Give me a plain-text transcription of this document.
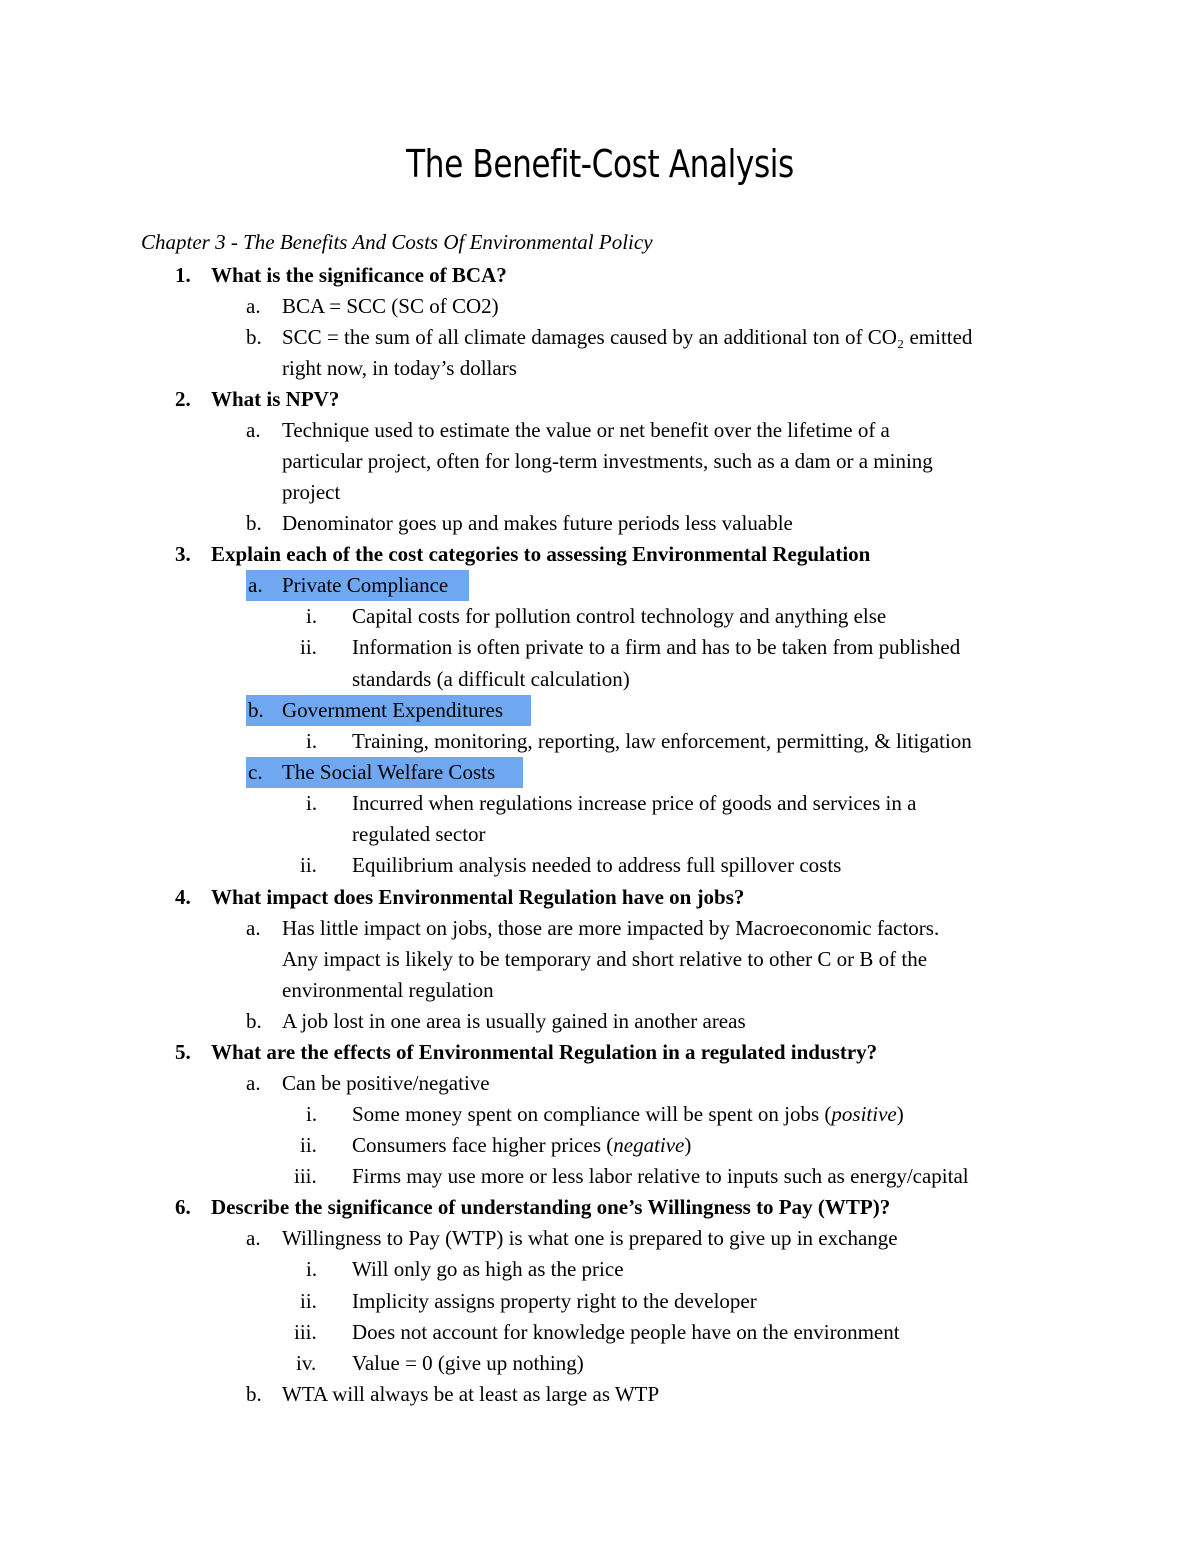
The Benefit-Cost Analysis
Chapter 3 - The Benefits And Costs Of Environmental Policy
1. What is the significance of BCA?
a. BCA = SCC (SC of CO2)
b. SCC = the sum of all climate damages caused by an additional ton of CO₂ emitted
right now, in today’s dollars
2. What is NPV?
a. Technique used to estimate the value or net benefit over the lifetime of a
particular project, often for long-term investments, such as a dam or a mining
project
b. Denominator goes up and makes future periods less valuable
3. Explain each of the cost categories to assessing Environmental Regulation
a. Private Compliance
i. Capital costs for pollution control technology and anything else
ii. Information is often private to a firm and has to be taken from published
standards (a difficult calculation)
b. Government Expenditures
i. Training, monitoring, reporting, law enforcement, permitting, & litigation
c. The Social Welfare Costs
i. Incurred when regulations increase price of goods and services in a
regulated sector
ii. Equilibrium analysis needed to address full spillover costs
4. What impact does Environmental Regulation have on jobs?
a. Has little impact on jobs, those are more impacted by Macroeconomic factors.
Any impact is likely to be temporary and short relative to other C or B of the
environmental regulation
b. A job lost in one area is usually gained in another areas
5. What are the effects of Environmental Regulation in a regulated industry?
a. Can be positive/negative
i. Some money spent on compliance will be spent on jobs (positive)
ii. Consumers face higher prices (negative)
iii. Firms may use more or less labor relative to inputs such as energy/capital
6. Describe the significance of understanding one’s Willingness to Pay (WTP)?
a. Willingness to Pay (WTP) is what one is prepared to give up in exchange
i. Will only go as high as the price
ii. Implicity assigns property right to the developer
iii. Does not account for knowledge people have on the environment
iv. Value = 0 (give up nothing)
b. WTA will always be at least as large as WTP
